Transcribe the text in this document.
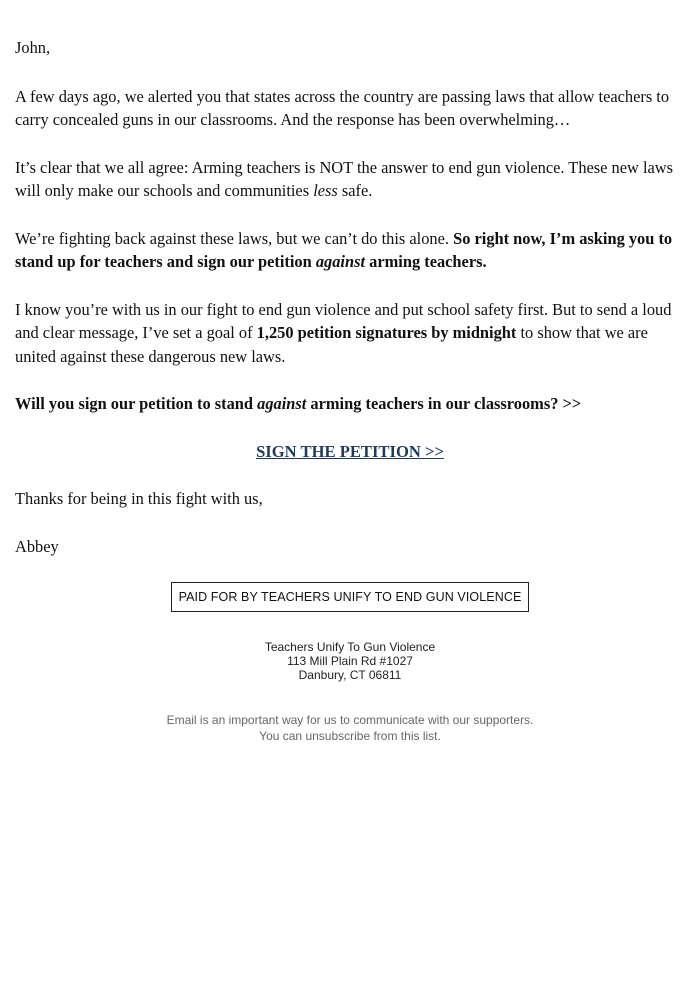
John,

A few days ago, we alerted you that states across the country are passing laws that allow teachers to carry concealed guns in our classrooms. And the response has been overwhelming…

It’s clear that we all agree: Arming teachers is NOT the answer to end gun violence. These new laws will only make our schools and communities less safe.

We’re fighting back against these laws, but we can’t do this alone. So right now, I’m asking you to stand up for teachers and sign our petition against arming teachers.

I know you’re with us in our fight to end gun violence and put school safety first. But to send a loud and clear message, I’ve set a goal of 1,250 petition signatures by midnight to show that we are united against these dangerous new laws.

Will you sign our petition to stand against arming teachers in our classrooms? >>

SIGN THE PETITION >>

Thanks for being in this fight with us,

Abbey

PAID FOR BY TEACHERS UNIFY TO END GUN VIOLENCE
Teachers Unify To Gun Violence
113 Mill Plain Rd #1027
Danbury, CT 06811
Email is an important way for us to communicate with our supporters.
You can unsubscribe from this list.
